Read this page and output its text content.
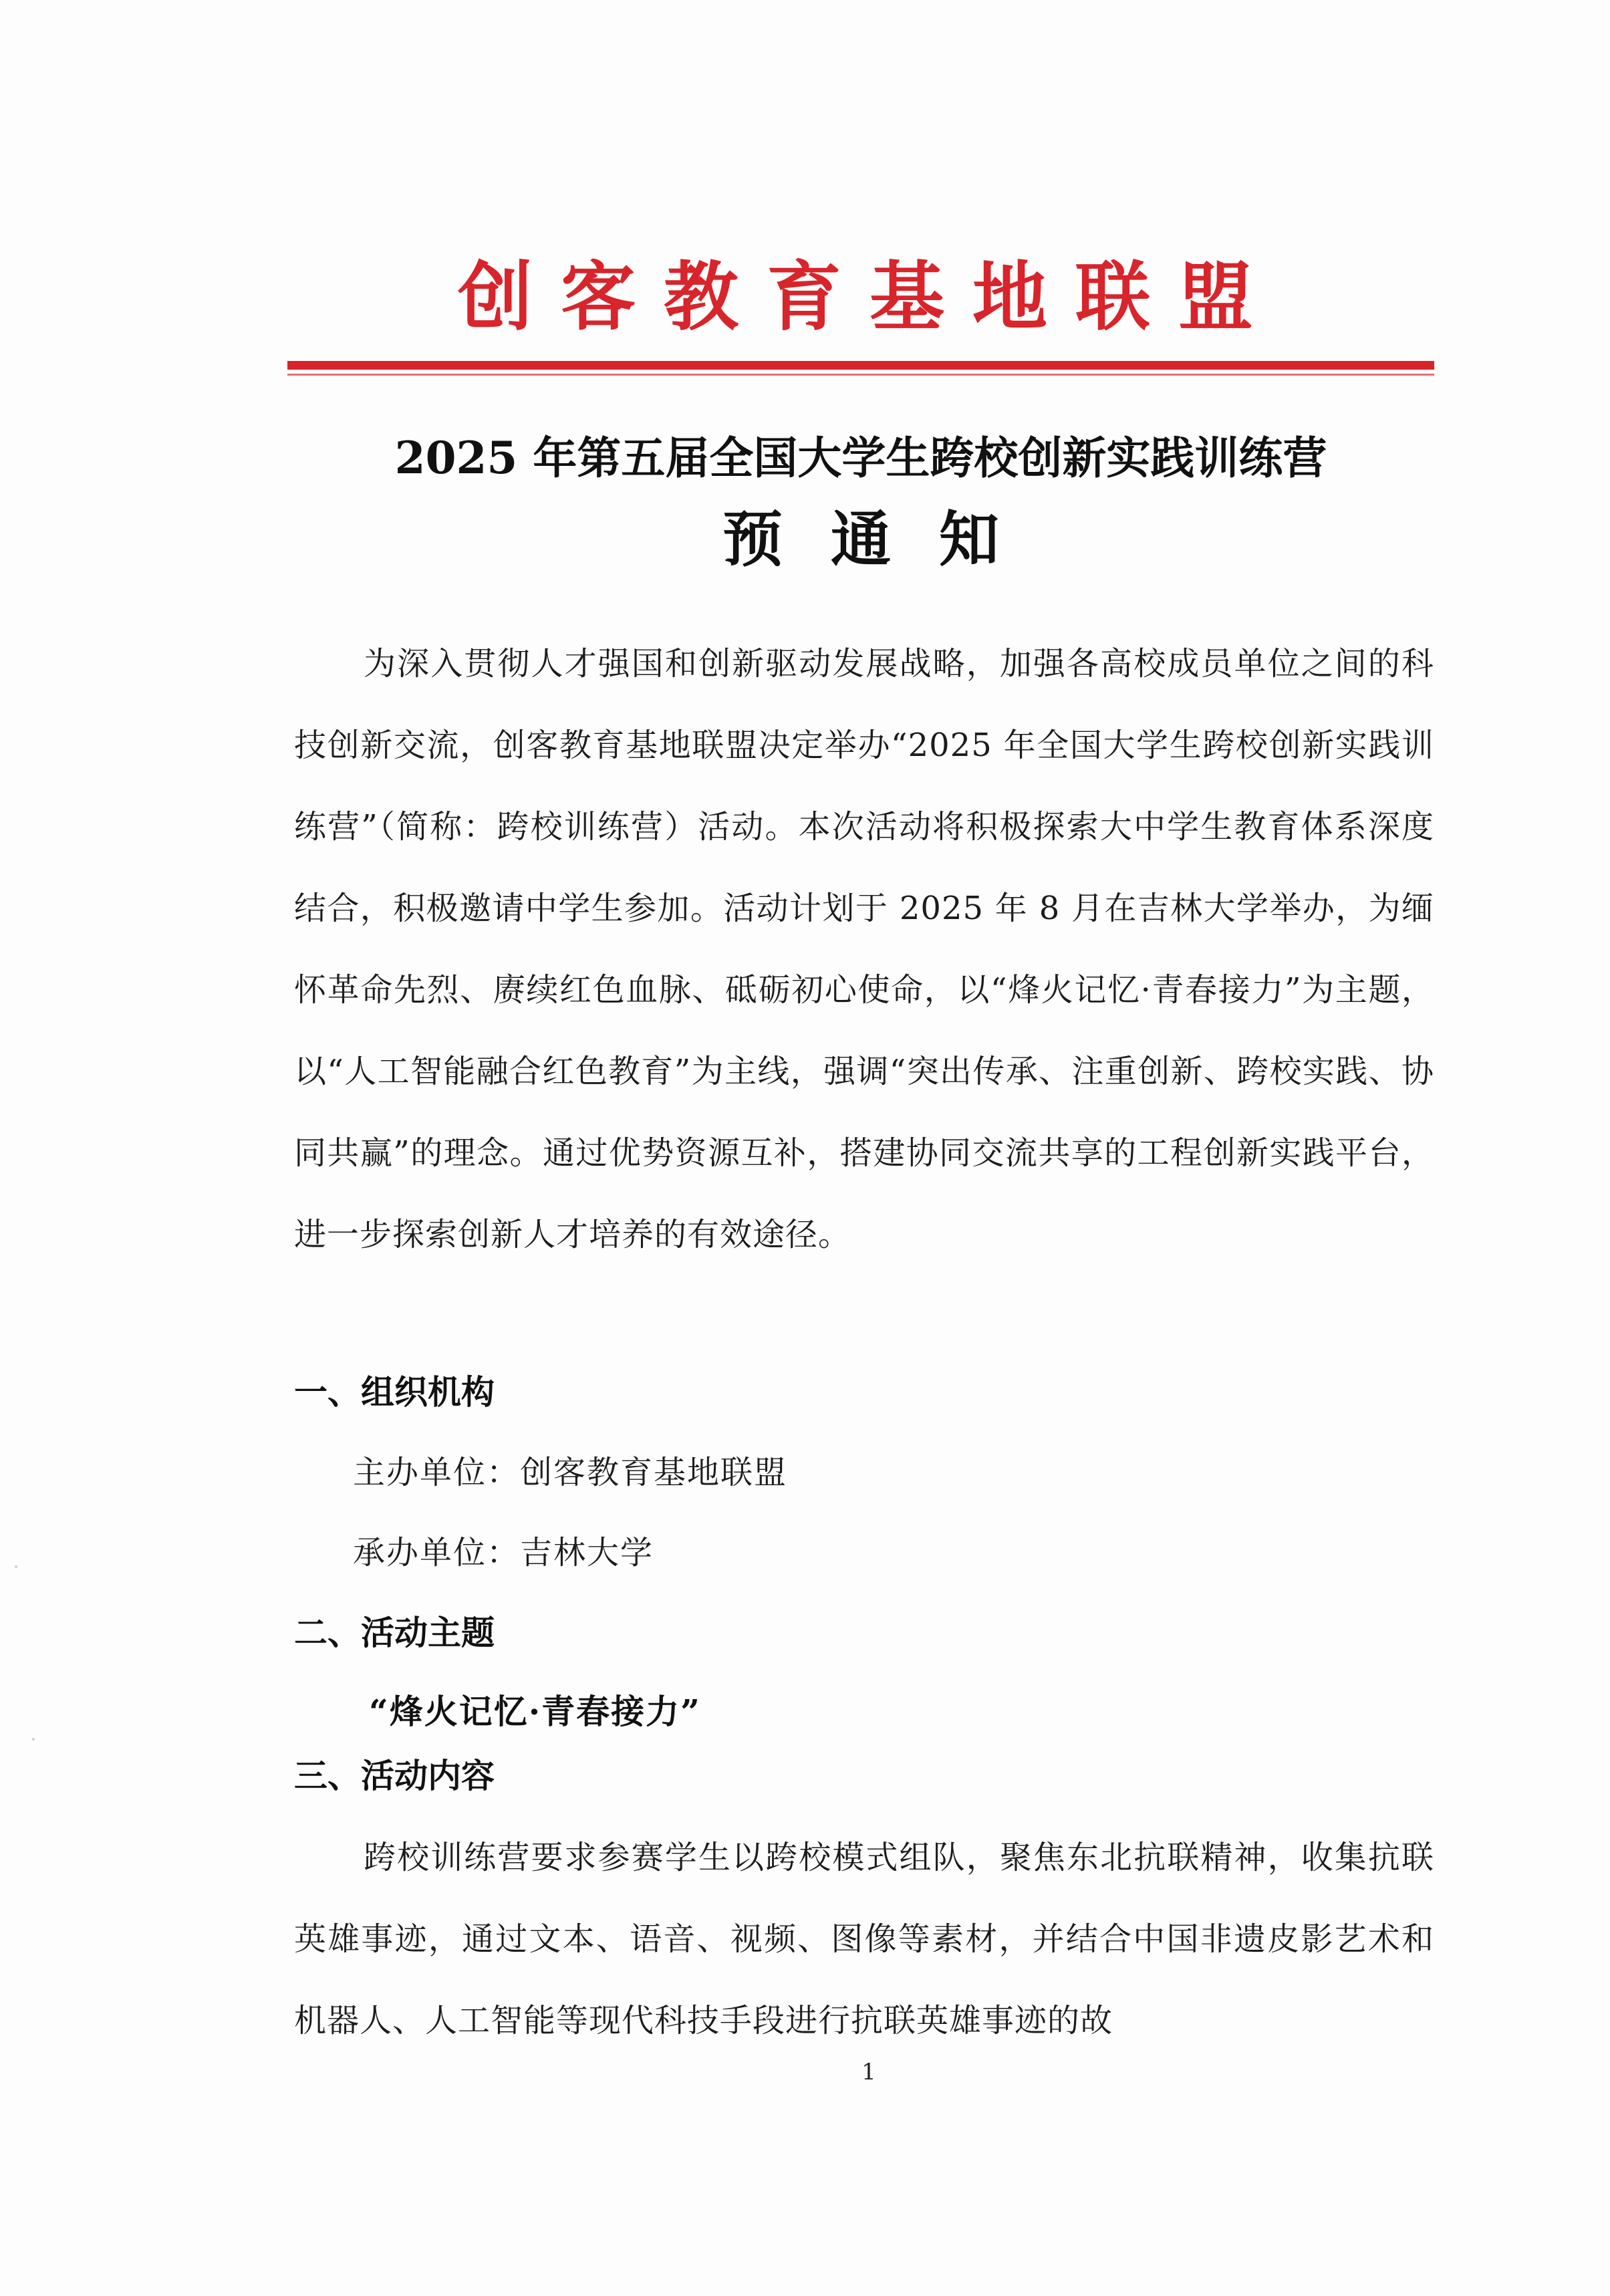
创客教育基地联盟
2025 年第五届全国大学生跨校创新实践训练营
预通知
为深入贯彻人才强国和创新驱动发展战略，加强各高校成员单位之间的科技创新交流，创客教育基地联盟决定举办“2025 年全国大学生跨校创新实践训练营”（简称：跨校训练营）活动。本次活动将积极探索大中学生教育体系深度结合，积极邀请中学生参加。活动计划于 2025 年 8 月在吉林大学举办，为缅怀革命先烈、赓续红色血脉、砥砺初心使命，以“烽火记忆·青春接力”为主题，以“人工智能融合红色教育”为主线，强调“突出传承、注重创新、跨校实践、协同共赢”的理念。通过优势资源互补，搭建协同交流共享的工程创新实践平台，进一步探索创新人才培养的有效途径。
一、组织机构
主办单位：创客教育基地联盟
承办单位：吉林大学
二、活动主题
“烽火记忆·青春接力”
三、活动内容
跨校训练营要求参赛学生以跨校模式组队，聚焦东北抗联精神，收集抗联英雄事迹，通过文本、语音、视频、图像等素材，并结合中国非遗皮影艺术和机器人、人工智能等现代科技手段进行抗联英雄事迹的故
1
